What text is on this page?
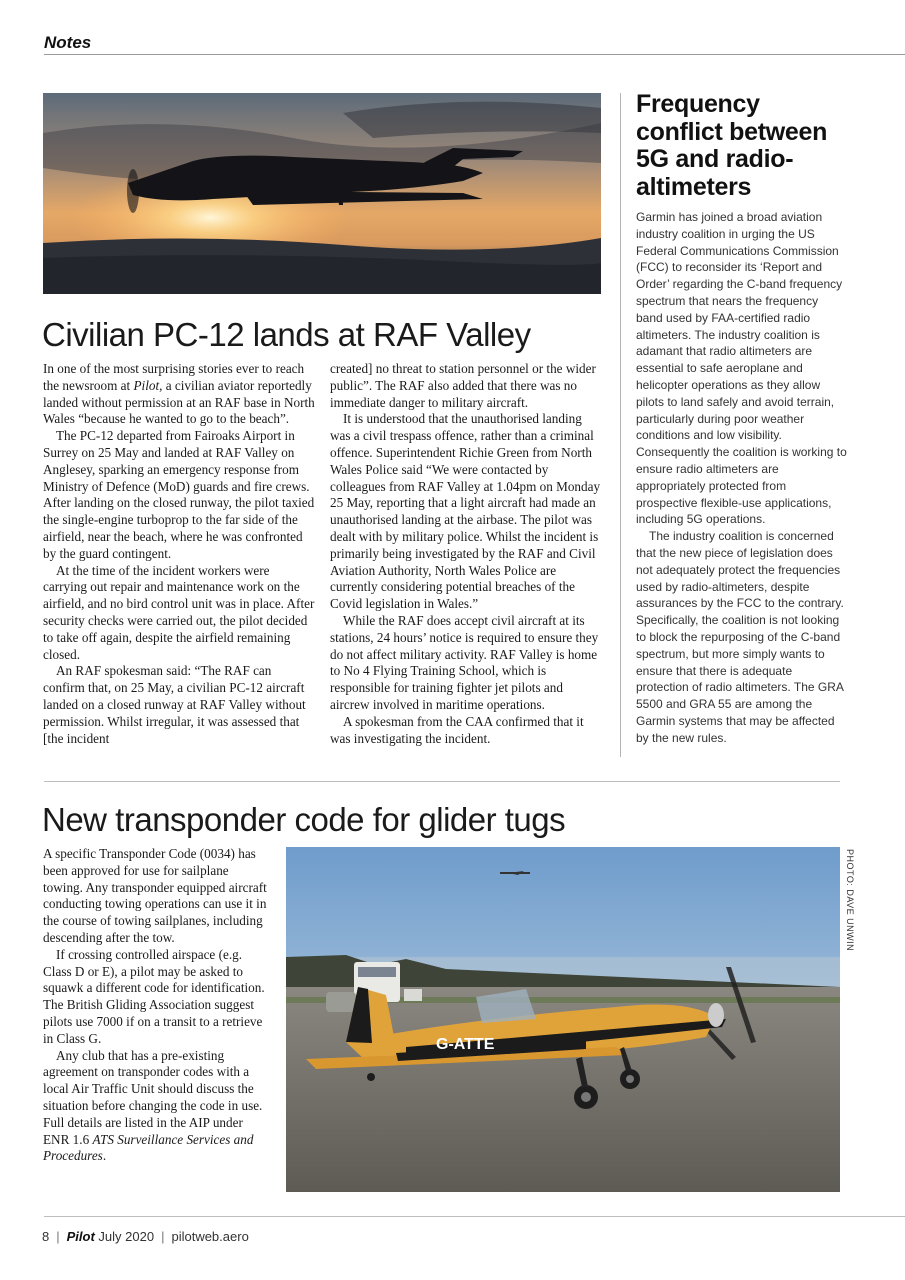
Notes
Civilian PC-12 lands at RAF Valley

In one of the most surprising stories ever to reach the newsroom at Pilot, a civilian aviator reportedly landed without permission at an RAF base in North Wales “because he wanted to go to the beach”.

The PC-12 departed from Fairoaks Airport in Surrey on 25 May and landed at RAF Valley on Anglesey, sparking an emergency response from Ministry of Defence (MoD) guards and fire crews. After landing on the closed runway, the pilot taxied the single-engine turboprop to the far side of the airfield, near the beach, where he was confronted by the guard contingent.

At the time of the incident workers were carrying out repair and maintenance work on the airfield, and no bird control unit was in place. After security checks were carried out, the pilot decided to take off again, despite the airfield remaining closed.

An RAF spokesman said: “The RAF can confirm that, on 25 May, a civilian PC-12 aircraft landed on a closed runway at RAF Valley without permission. Whilst irregular, it was assessed that [the incident

created] no threat to station personnel or the wider public”. The RAF also added that there was no immediate danger to military aircraft.

It is understood that the unauthorised landing was a civil trespass offence, rather than a criminal offence. Superintendent Richie Green from North Wales Police said “We were contacted by colleagues from RAF Valley at 1.04pm on Monday 25 May, reporting that a light aircraft had made an unauthorised landing at the airbase. The pilot was dealt with by military police. Whilst the incident is primarily being investigated by the RAF and Civil Aviation Authority, North Wales Police are currently considering potential breaches of the Covid legislation in Wales.”

While the RAF does accept civil aircraft at its stations, 24 hours’ notice is required to ensure they do not affect military activity. RAF Valley is home to No 4 Flying Training School, which is responsible for training fighter jet pilots and aircrew involved in maritime operations.

A spokesman from the CAA confirmed that it was investigating the incident.

Frequency conflict between 5G and radio-altimeters

Garmin has joined a broad aviation industry coalition in urging the US Federal Communications Commission (FCC) to reconsider its ‘Report and Order’ regarding the C-band frequency spectrum that nears the frequency band used by FAA-certified radio altimeters. The industry coalition is adamant that radio altimeters are essential to safe aeroplane and helicopter operations as they allow pilots to land safely and avoid terrain, particularly during poor weather conditions and low visibility. Consequently the coalition is working to ensure radio altimeters are appropriately protected from prospective flexible-use applications, including 5G operations.

The industry coalition is concerned that the new piece of legislation does not adequately protect the frequencies used by radio-altimeters, despite assurances by the FCC to the contrary. Specifically, the coalition is not looking to block the repurposing of the C-band spectrum, but more simply wants to ensure that there is adequate protection of radio altimeters. The GRA 5500 and GRA 55 are among the Garmin systems that may be affected by the new rules.

New transponder code for glider tugs

A specific Transponder Code (0034) has been approved for use for sailplane towing. Any transponder equipped aircraft conducting towing operations can use it in the course of towing sailplanes, including descending after the tow.

If crossing controlled airspace (e.g. Class D or E), a pilot may be asked to squawk a different code for identification. The British Gliding Association suggest pilots use 7000 if on a transit to a retrieve in Class G.

Any club that has a pre-existing agreement on transponder codes with a local Air Traffic Unit should discuss the situation before changing the code in use. Full details are listed in the AIP under ENR 1.6 ATS Surveillance Services and Procedures.

G-ATTE
PHOTO: DAVE UNWIN
8 | Pilot July 2020 | pilotweb.aero
